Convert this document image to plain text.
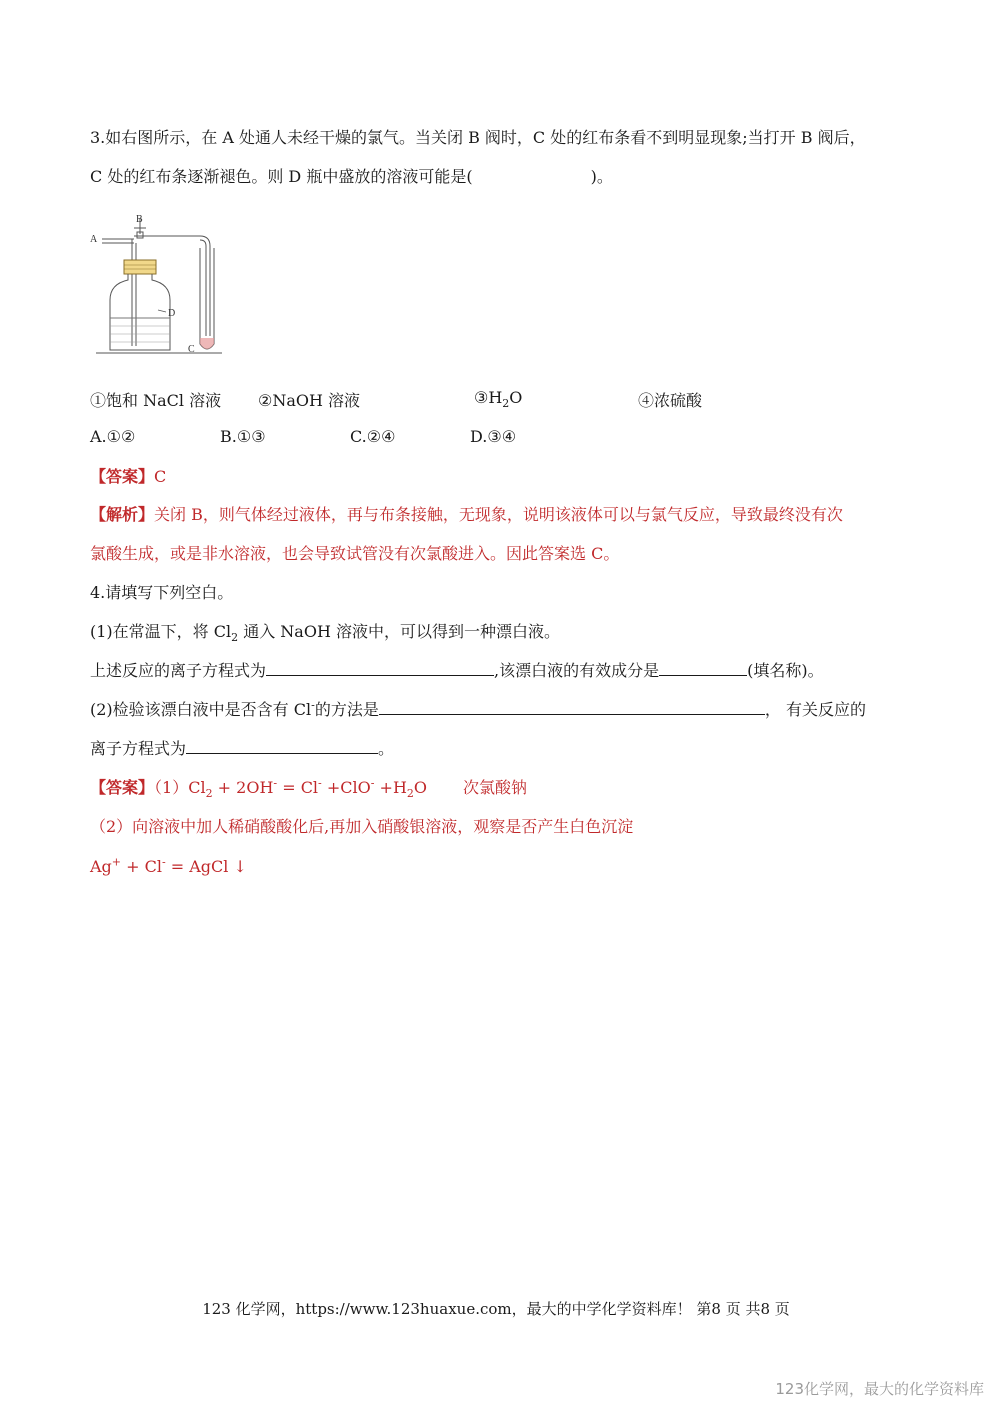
3.如右图所示，在 A 处通人未经干燥的氯气。当关闭 B 阀时，C 处的红布条看不到明显现象;当打开 B 阀后，
C 处的红布条逐渐褪色。则 D 瓶中盛放的溶液可能是(	)。
A
B
D
C
①饱和 NaCl 溶液 ②NaOH 溶液	$③H_2O$	④浓硫酸
A.①②	B.①③	C.②④	D.③④
【答案】C
【解析】关闭 B，则气体经过液体，再与布条接触，无现象，说明该液体可以与氯气反应，导致最终没有次
氯酸生成，或是非水溶液，也会导致试管没有次氯酸进入。因此答案选 C。
4.请填写下列空白。
(1)在常温下，将 $Cl_2$ 通入 NaOH 溶液中，可以得到一种漂白液。
上述反应的离子方程式为	,该漂白液的有效成分是	(填名称)。
(2)检验该漂白液中是否含有 Cl-的方法是	， 有关反应的
离子方程式为	。
【答案】$(1)Cl_2 + 2OH^- = Cl^- +ClO^- +H_2O$ 次氯酸钠
（2）向溶液中加人稀硝酸酸化后,再加入硝酸银溶液，观察是否产生白色沉淀
Ag+ + Cl- = AgCl ↓
123 化学网，https://www.123huaxue.com，最大的中学化学资料库！ 第8 页 共8 页
123化学网，最大的化学资料库
